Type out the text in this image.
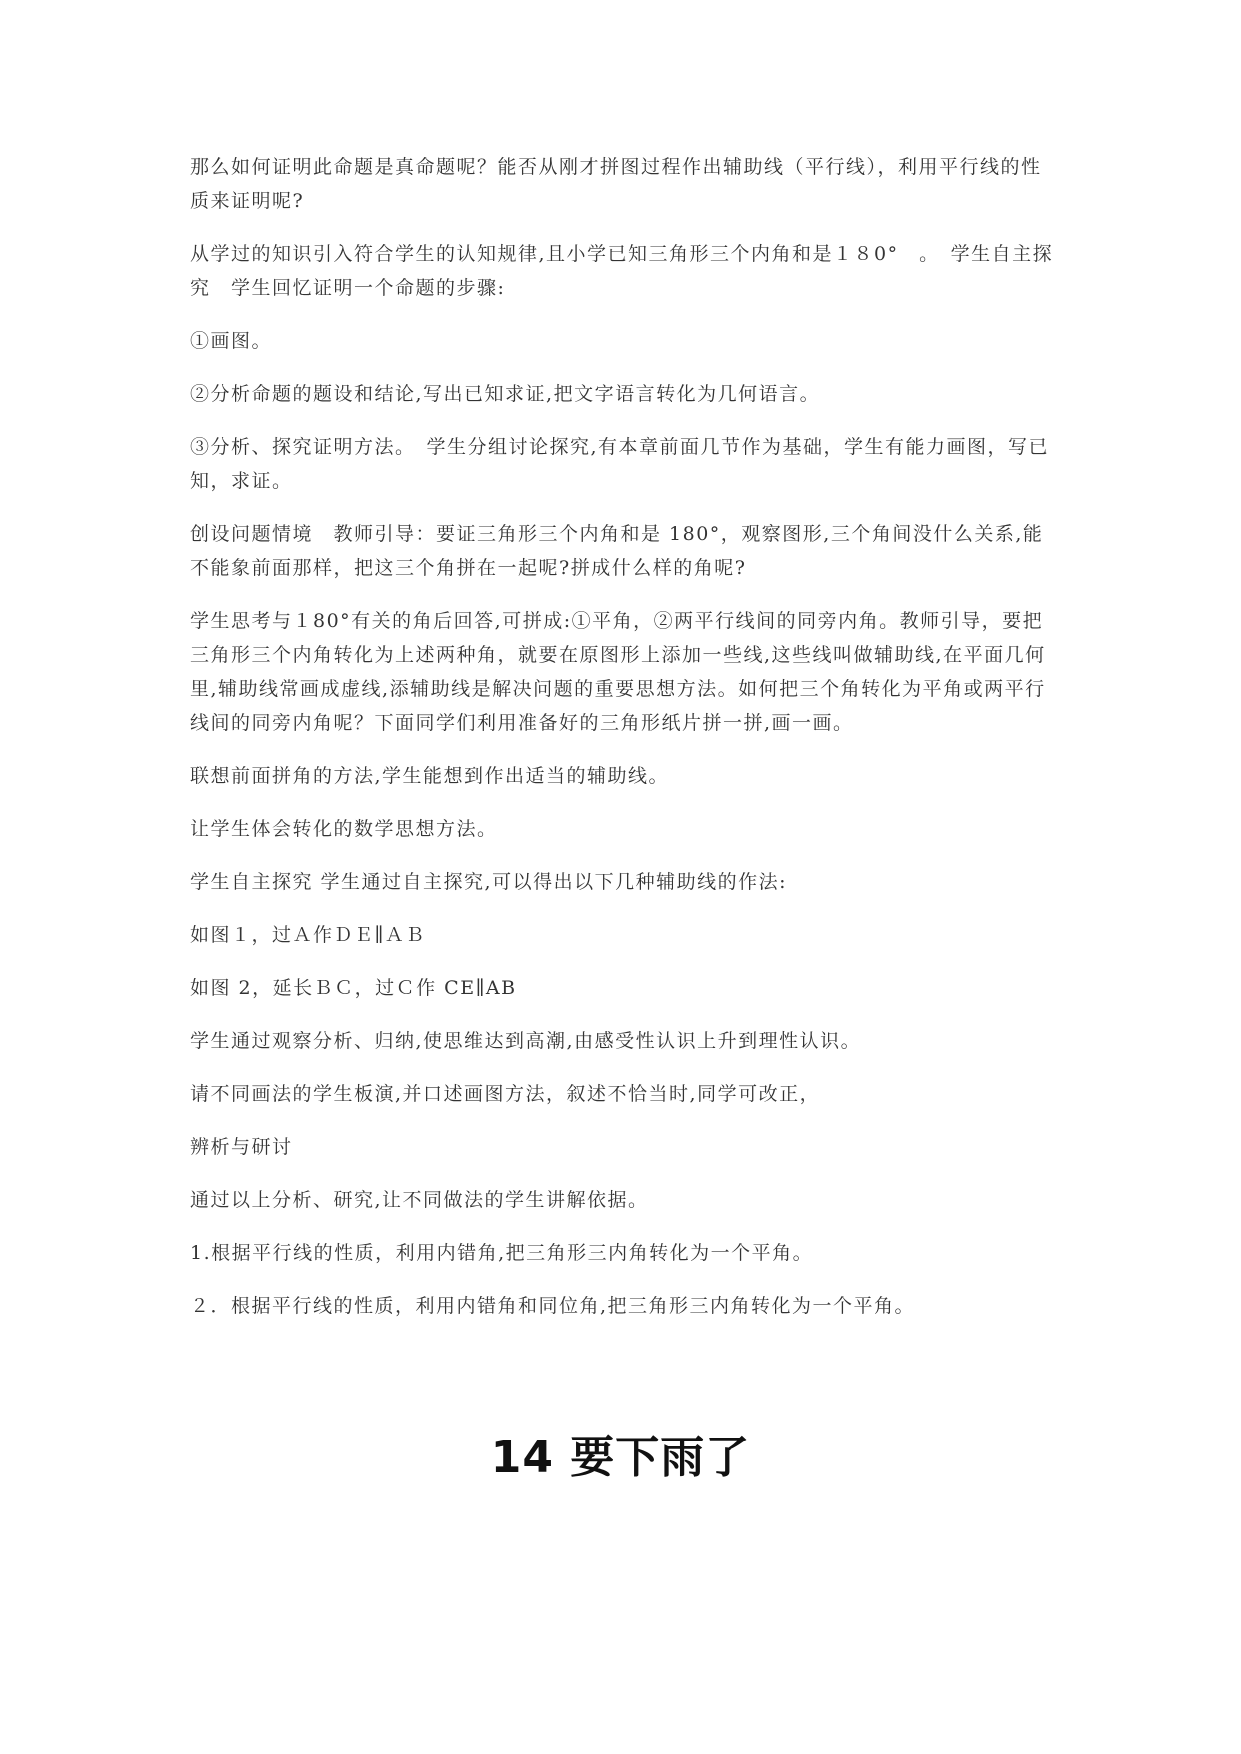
那么如何证明此命题是真命题呢？能否从刚才拼图过程作出辅助线（平行线），利用平行线的性质来证明呢?

从学过的知识引入符合学生的认知规律,且小学已知三角形三个内角和是１８0°　。　学生自主探究　学生回忆证明一个命题的步骤:

①画图。

②分析命题的题设和结论,写出已知求证,把文字语言转化为几何语言。

③分析、探究证明方法。　学生分组讨论探究,有本章前面几节作为基础，学生有能力画图，写已知，求证。

创设问题情境　教师引导：要证三角形三个内角和是 180°，观察图形,三个角间没什么关系,能不能象前面那样，把这三个角拼在一起呢?拼成什么样的角呢?

学生思考与１80°有关的角后回答,可拼成:①平角，②两平行线间的同旁内角。教师引导，要把三角形三个内角转化为上述两种角，就要在原图形上添加一些线,这些线叫做辅助线,在平面几何里,辅助线常画成虚线,添辅助线是解决问题的重要思想方法。如何把三个角转化为平角或两平行线间的同旁内角呢？下面同学们利用准备好的三角形纸片拼一拼,画一画。

联想前面拼角的方法,学生能想到作出适当的辅助线。

让学生体会转化的数学思想方法。

学生自主探究 学生通过自主探究,可以得出以下几种辅助线的作法:

如图１，过Ａ作ＤＥ∥ＡＢ

如图 2，延长ＢＣ，过Ｃ作 CE∥AB

学生通过观察分析、归纳,使思维达到高潮,由感受性认识上升到理性认识。

请不同画法的学生板演,并口述画图方法，叙述不恰当时,同学可改正，

辨析与研讨

通过以上分析、研究,让不同做法的学生讲解依据。

1.根据平行线的性质，利用内错角,把三角形三内角转化为一个平角。

２．根据平行线的性质，利用内错角和同位角,把三角形三内角转化为一个平角。

14 要下雨了
